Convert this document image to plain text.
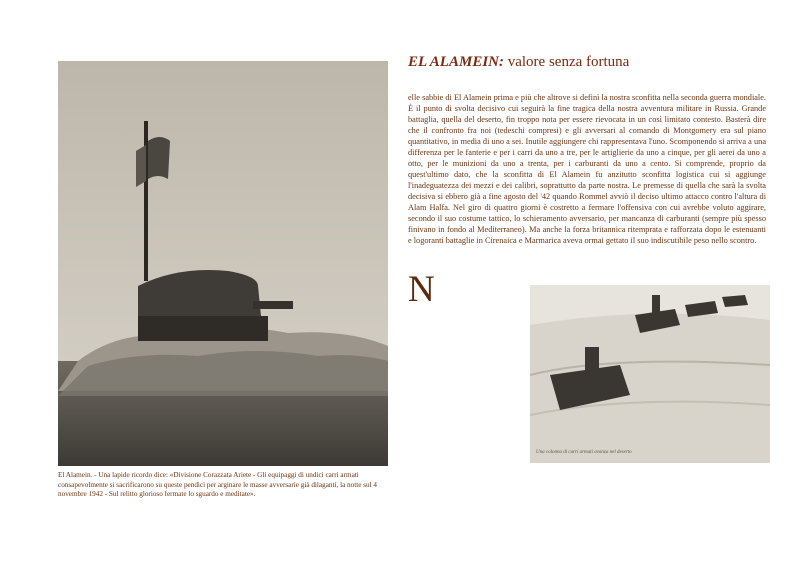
El Alamein. - Una lapide ricordo dice: «Divisione Corazzata Ariete - Gli equipaggi di undici carri armati consapevolmente si sacrificarono su queste pendici per arginare le masse avversarie già dilaganti, la notte sul 4 novembre 1942 - Sul relitto glorioso fermate lo sguardo e meditate».
EL ALAMEIN: valore senza fortuna
N
elle sabbie di El Alamein prima e più che altrove si definì la nostra sconfitta nella seconda guerra mondiale. È il punto di svolta decisivo cui seguirà la fine tragica della nostra avventura militare in Russia. Grande battaglia, quella del deserto, fin troppo nota per essere rievocata in un così limitato contesto. Basterà dire che il confronto fra noi (tedeschi compresi) e gli avversari al comando di Montgomery era sul piano quantitativo, in media di uno a sei. Inutile aggiungere chi rappresentava l'uno. Scomponendo si arriva a una differenza per le fanterie e per i carri da uno a tre, per le artiglierie da uno a cinque, per gli aerei da uno a otto, per le munizioni da uno a trenta, per i carburanti da uno a cento. Si comprende, proprio da quest'ultimo dato, che la sconfitta di El Alamein fu anzitutto sconfitta logistica cui si aggiunge l'inadeguatezza dei mezzi e dei calibri, soprattutto da parte nostra. Le premesse di quella che sarà la svolta decisiva si ebbero già a fine agosto del '42 quando Rommel avviò il deciso ultimo attacco contro l'altura di Alam Halfa. Nel giro di quattro giorni è costretto a fermare l'offensiva con cui avrebbe voluto aggirare, secondo il suo costume tattico, lo schieramento avversario, per mancanza di carburanti (sempre più spesso finivano in fondo al Mediterraneo). Ma anche la forza britannica ritemprata e rafforzata dopo le estenuanti e logoranti battaglie in Cirenaica e Marmarica aveva ormai gettato il suo indiscutibile peso nello scontro.
Una colonna di carri armati avanza nel deserto
